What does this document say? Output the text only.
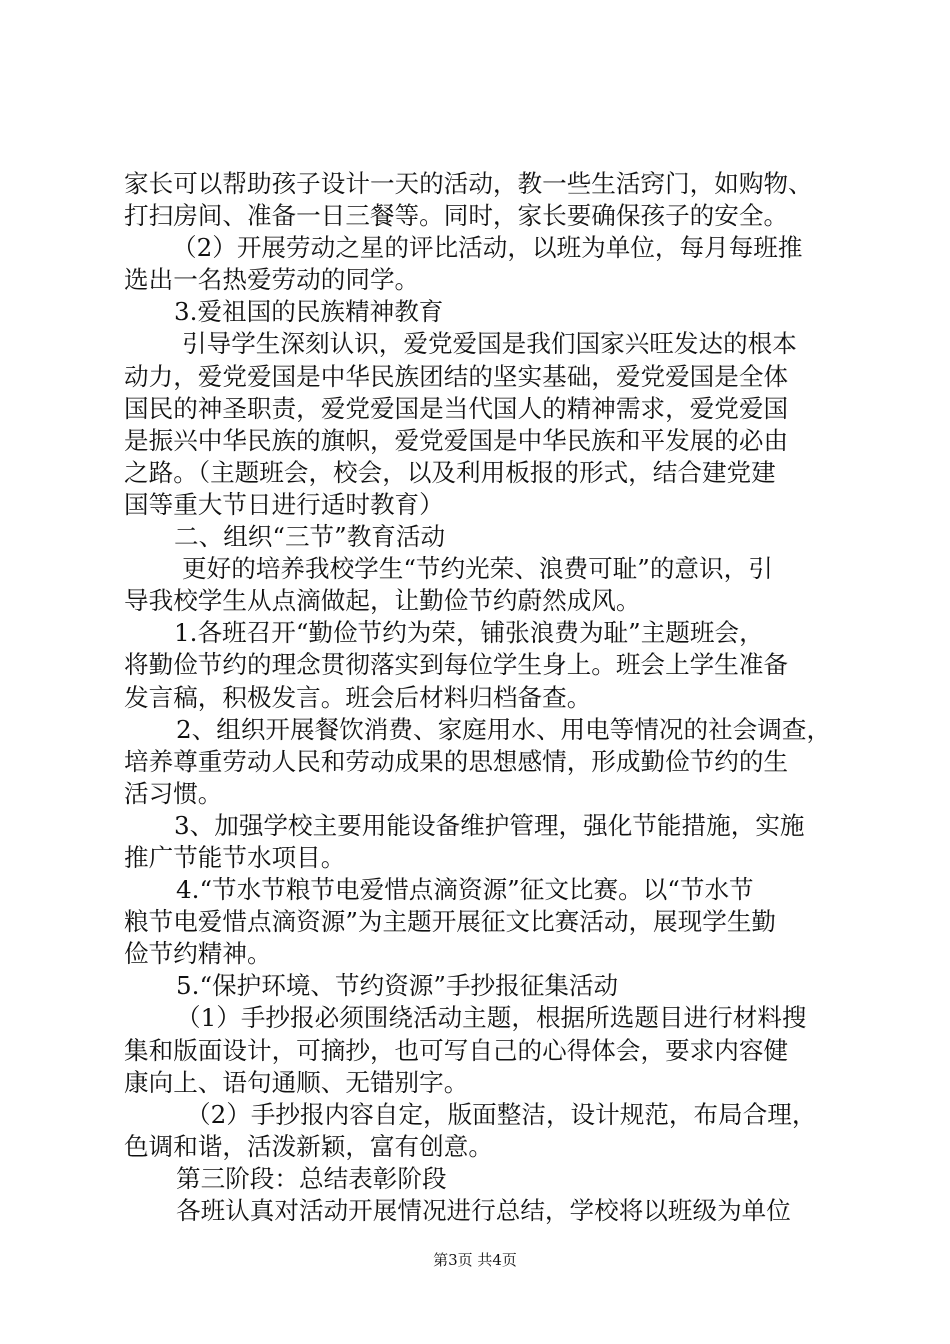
家长可以帮助孩子设计一天的活动，教一些生活窍门，如购物、
打扫房间、准备一日三餐等。同时，家长要确保孩子的安全。
（2）开展劳动之星的评比活动，以班为单位，每月每班推
选出一名热爱劳动的同学。
3.爱祖国的民族精神教育
引导学生深刻认识，爱党爱国是我们国家兴旺发达的根本
动力，爱党爱国是中华民族团结的坚实基础，爱党爱国是全体
国民的神圣职责，爱党爱国是当代国人的精神需求，爱党爱国
是振兴中华民族的旗帜，爱党爱国是中华民族和平发展的必由
之路。（主题班会，校会，以及利用板报的形式，结合建党建
国等重大节日进行适时教育）
二、组织“三节”教育活动
更好的培养我校学生“节约光荣、浪费可耻”的意识，引
导我校学生从点滴做起，让勤俭节约蔚然成风。
1.各班召开“勤俭节约为荣，铺张浪费为耻”主题班会，
将勤俭节约的理念贯彻落实到每位学生身上。班会上学生准备
发言稿，积极发言。班会后材料归档备查。
2、组织开展餐饮消费、家庭用水、用电等情况的社会调查，
培养尊重劳动人民和劳动成果的思想感情，形成勤俭节约的生
活习惯。
3、加强学校主要用能设备维护管理，强化节能措施，实施
推广节能节水项目。
4.“节水节粮节电爱惜点滴资源”征文比赛。以“节水节
粮节电爱惜点滴资源”为主题开展征文比赛活动，展现学生勤
俭节约精神。
5.“保护环境、节约资源”手抄报征集活动
（1）手抄报必须围绕活动主题，根据所选题目进行材料搜
集和版面设计，可摘抄，也可写自己的心得体会，要求内容健
康向上、语句通顺、无错别字。
（2）手抄报内容自定，版面整洁，设计规范，布局合理，
色调和谐，活泼新颖，富有创意。
第三阶段：总结表彰阶段
各班认真对活动开展情况进行总结，学校将以班级为单位
第3页 共4页
